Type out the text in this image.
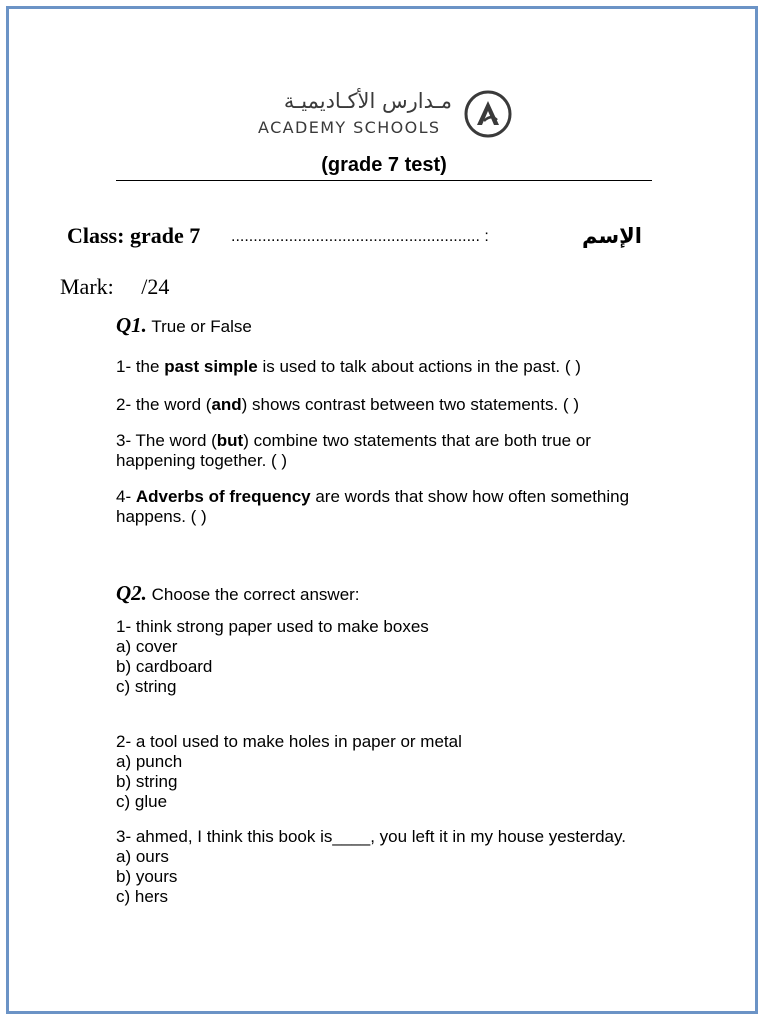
مـدارس الأكـاديميـة
ACADEMY SCHOOLS
(grade 7 test)
Class: grade 7 ........................................................ :	الإسم
Mark:     /24
Q1. True or False
1- the past simple is used to talk about actions in the past. ( )
2- the word (and) shows contrast between two statements. ( )
3- The word (but) combine two statements that are both true or happening together. ( )
4- Adverbs of frequency are words that show how often something happens. ( )
Q2. Choose the correct answer:
1- think strong paper used to make boxes
a) cover
b) cardboard
c) string
2- a tool used to make holes in paper or metal
a) punch
b) string
c) glue
3- ahmed, I think this book is____, you left it in my house yesterday.
a) ours
b) yours
c) hers
